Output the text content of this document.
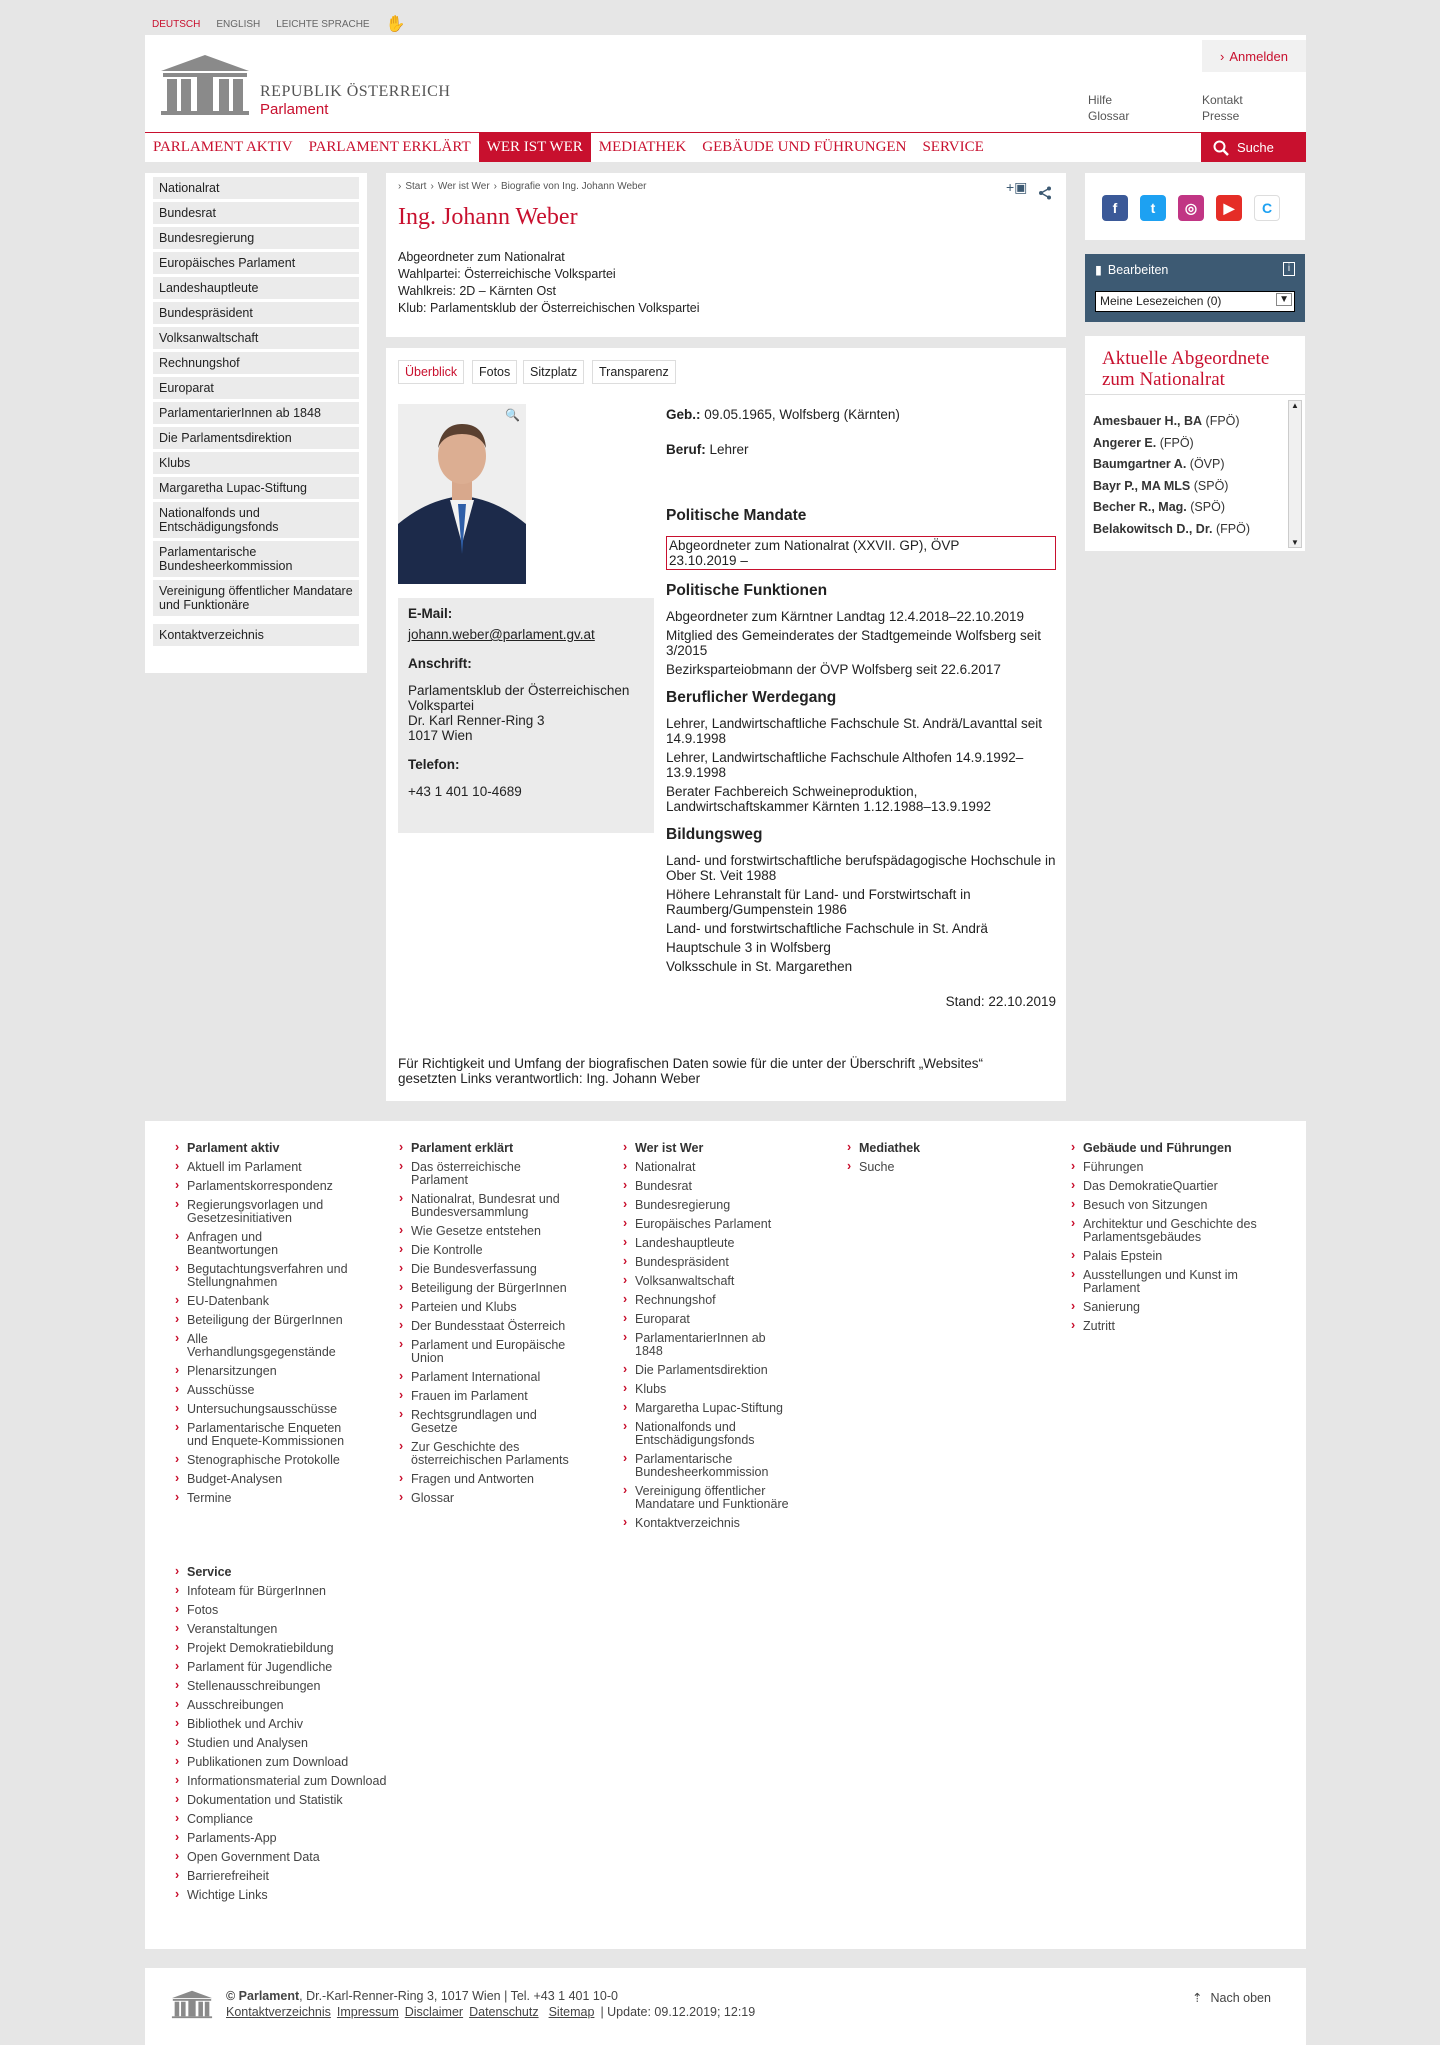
DEUTSCH ENGLISH LEICHTE SPRACHE ✋
REPUBLIK ÖSTERREICH
Parlament
› Anmelden
Hilfe
Glossar
Kontakt
Presse
PARLAMENT AKTIV	PARLAMENT ERKLÄRT	WER IST WER	MEDIATHEK	GEBÄUDE UND FÜHRUNGEN	SERVICE	Suche
Nationalrat
Bundesrat
Bundesregierung
Europäisches Parlament
Landeshauptleute
Bundespräsident
Volksanwaltschaft
Rechnungshof
Europarat
ParlamentarierInnen ab 1848
Die Parlamentsdirektion
Klubs
Margaretha Lupac-Stiftung
Nationalfonds und Entschädigungsfonds
Parlamentarische Bundesheerkommission
Vereinigung öffentlicher Mandatare und Funktionäre
Kontaktverzeichnis
› Start › Wer ist Wer › Biografie von Ing. Johann Weber	+▣
Ing. Johann Weber
Abgeordneter zum Nationalrat
Wahlpartei: Österreichische Volkspartei
Wahlkreis: 2D – Kärnten Ost
Klub: Parlamentsklub der Österreichischen Volkspartei
Überblick	Fotos	Sitzplatz	Transparenz
🔍
E-Mail:
johann.weber@parlament.gv.at
Anschrift:
Parlamentsklub der Österreichischen Volkspartei
Dr. Karl Renner-Ring 3
1017 Wien
Telefon:
+43 1 401 10-4689
Geb.: 09.05.1965, Wolfsberg (Kärnten)
Beruf: Lehrer
Politische Mandate
Abgeordneter zum Nationalrat (XXVII. GP), ÖVP
23.10.2019 –
Politische Funktionen
Abgeordneter zum Kärntner Landtag 12.4.2018–22.10.2019
Mitglied des Gemeinderates der Stadtgemeinde Wolfsberg seit 3/2015
Bezirksparteiobmann der ÖVP Wolfsberg seit 22.6.2017
Beruflicher Werdegang
Lehrer, Landwirtschaftliche Fachschule St. Andrä/Lavanttal seit 14.9.1998
Lehrer, Landwirtschaftliche Fachschule Althofen 14.9.1992–13.9.1998
Berater Fachbereich Schweineproduktion, Landwirtschaftskammer Kärnten 1.12.1988–13.9.1992
Bildungsweg
Land- und forstwirtschaftliche berufspädagogische Hochschule in Ober St. Veit 1988
Höhere Lehranstalt für Land- und Forstwirtschaft in Raumberg/Gumpenstein 1986
Land- und forstwirtschaftliche Fachschule in St. Andrä
Hauptschule 3 in Wolfsberg
Volksschule in St. Margarethen
Stand: 22.10.2019
Für Richtigkeit und Umfang der biografischen Daten sowie für die unter der Überschrift „Websites“ gesetzten Links verantwortlich: Ing. Johann Weber
f	t	◎	▶	C
▮ Bearbeiten	i
Meine Lesezeichen (0)	▼
Aktuelle Abgeordnete
zum Nationalrat
Amesbauer H., BA (FPÖ)
Angerer E. (FPÖ)
Baumgartner A. (ÖVP)
Bayr P., MA MLS (SPÖ)
Becher R., Mag. (SPÖ)
Belakowitsch D., Dr. (FPÖ)
▲
▼
› Parlament aktiv
› Aktuell im Parlament
› Parlamentskorrespondenz
› Regierungsvorlagen und Gesetzesinitiativen
› Anfragen und Beantwortungen
› Begutachtungsverfahren und Stellungnahmen
› EU-Datenbank
› Beteiligung der BürgerInnen
› Alle Verhandlungsgegenstände
› Plenarsitzungen
› Ausschüsse
› Untersuchungsausschüsse
› Parlamentarische Enqueten und Enquete-Kommissionen
› Stenographische Protokolle
› Budget-Analysen
› Termine
› Parlament erklärt
› Das österreichische Parlament
› Nationalrat, Bundesrat und Bundesversammlung
› Wie Gesetze entstehen
› Die Kontrolle
› Die Bundesverfassung
› Beteiligung der BürgerInnen
› Parteien und Klubs
› Der Bundesstaat Österreich
› Parlament und Europäische Union
› Parlament International
› Frauen im Parlament
› Rechtsgrundlagen und Gesetze
› Zur Geschichte des österreichischen Parlaments
› Fragen und Antworten
› Glossar
› Wer ist Wer
› Nationalrat
› Bundesrat
› Bundesregierung
› Europäisches Parlament
› Landeshauptleute
› Bundespräsident
› Volksanwaltschaft
› Rechnungshof
› Europarat
› ParlamentarierInnen ab 1848
› Die Parlamentsdirektion
› Klubs
› Margaretha Lupac-Stiftung
› Nationalfonds und Entschädigungsfonds
› Parlamentarische Bundesheerkommission
› Vereinigung öffentlicher Mandatare und Funktionäre
› Kontaktverzeichnis
› Mediathek
› Suche
› Gebäude und Führungen
› Führungen
› Das DemokratieQuartier
› Besuch von Sitzungen
› Architektur und Geschichte des Parlamentsgebäudes
› Palais Epstein
› Ausstellungen und Kunst im Parlament
› Sanierung
› Zutritt
› Service
› Infoteam für BürgerInnen
› Fotos
› Veranstaltungen
› Projekt Demokratiebildung
› Parlament für Jugendliche
› Stellenausschreibungen
› Ausschreibungen
› Bibliothek und Archiv
› Studien und Analysen
› Publikationen zum Download
› Informationsmaterial zum Download
› Dokumentation und Statistik
› Compliance
› Parlaments-App
› Open Government Data
› Barrierefreiheit
› Wichtige Links
© Parlament, Dr.-Karl-Renner-Ring 3, 1017 Wien | Tel. +43 1 401 10-0
Kontaktverzeichnis Impressum Disclaimer Datenschutz Sitemap | Update: 09.12.2019; 12:19
⇡ Nach oben
